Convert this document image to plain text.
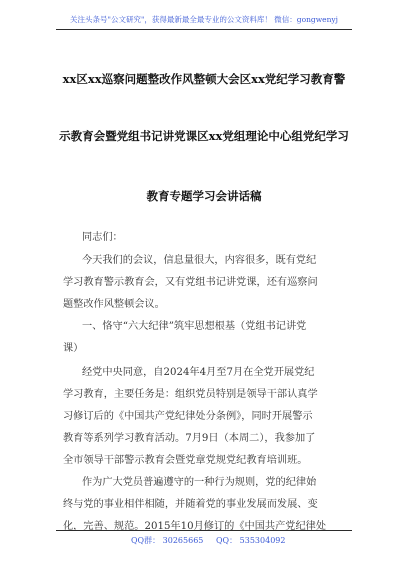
关注头条号"公文研究"，获得最新最全最专业的公文资料库！ 微信：gongwenyj
xx区xx巡察问题整改作风整顿大会区xx党纪学习教育警
示教育会暨党组书记讲党课区xx党组理论中心组党纪学习
教育专题学习会讲话稿
同志们：
今天我们的会议，信息量很大，内容很多，既有党纪
学习教育警示教育会，又有党组书记讲党课，还有巡察问
题整改作风整顿会议。
一、恪守“六大纪律”筑牢思想根基（党组书记讲党
课）
经党中央同意，自2024年4月至7月在全党开展党纪
学习教育，主要任务是：组织党员特别是领导干部认真学
习修订后的《中国共产党纪律处分条例》，同时开展警示
教育等系列学习教育活动。7月9日（本周二），我参加了
全市领导干部警示教育会暨党章党规党纪教育培训班。
作为广大党员普遍遵守的一种行为规则，党的纪律始
终与党的事业相伴相随，并随着党的事业发展而发展、变
化，完善、规范。2015年10月修订的《中国共产党纪律处
QQ群： 30265665 QQ： 535304092
